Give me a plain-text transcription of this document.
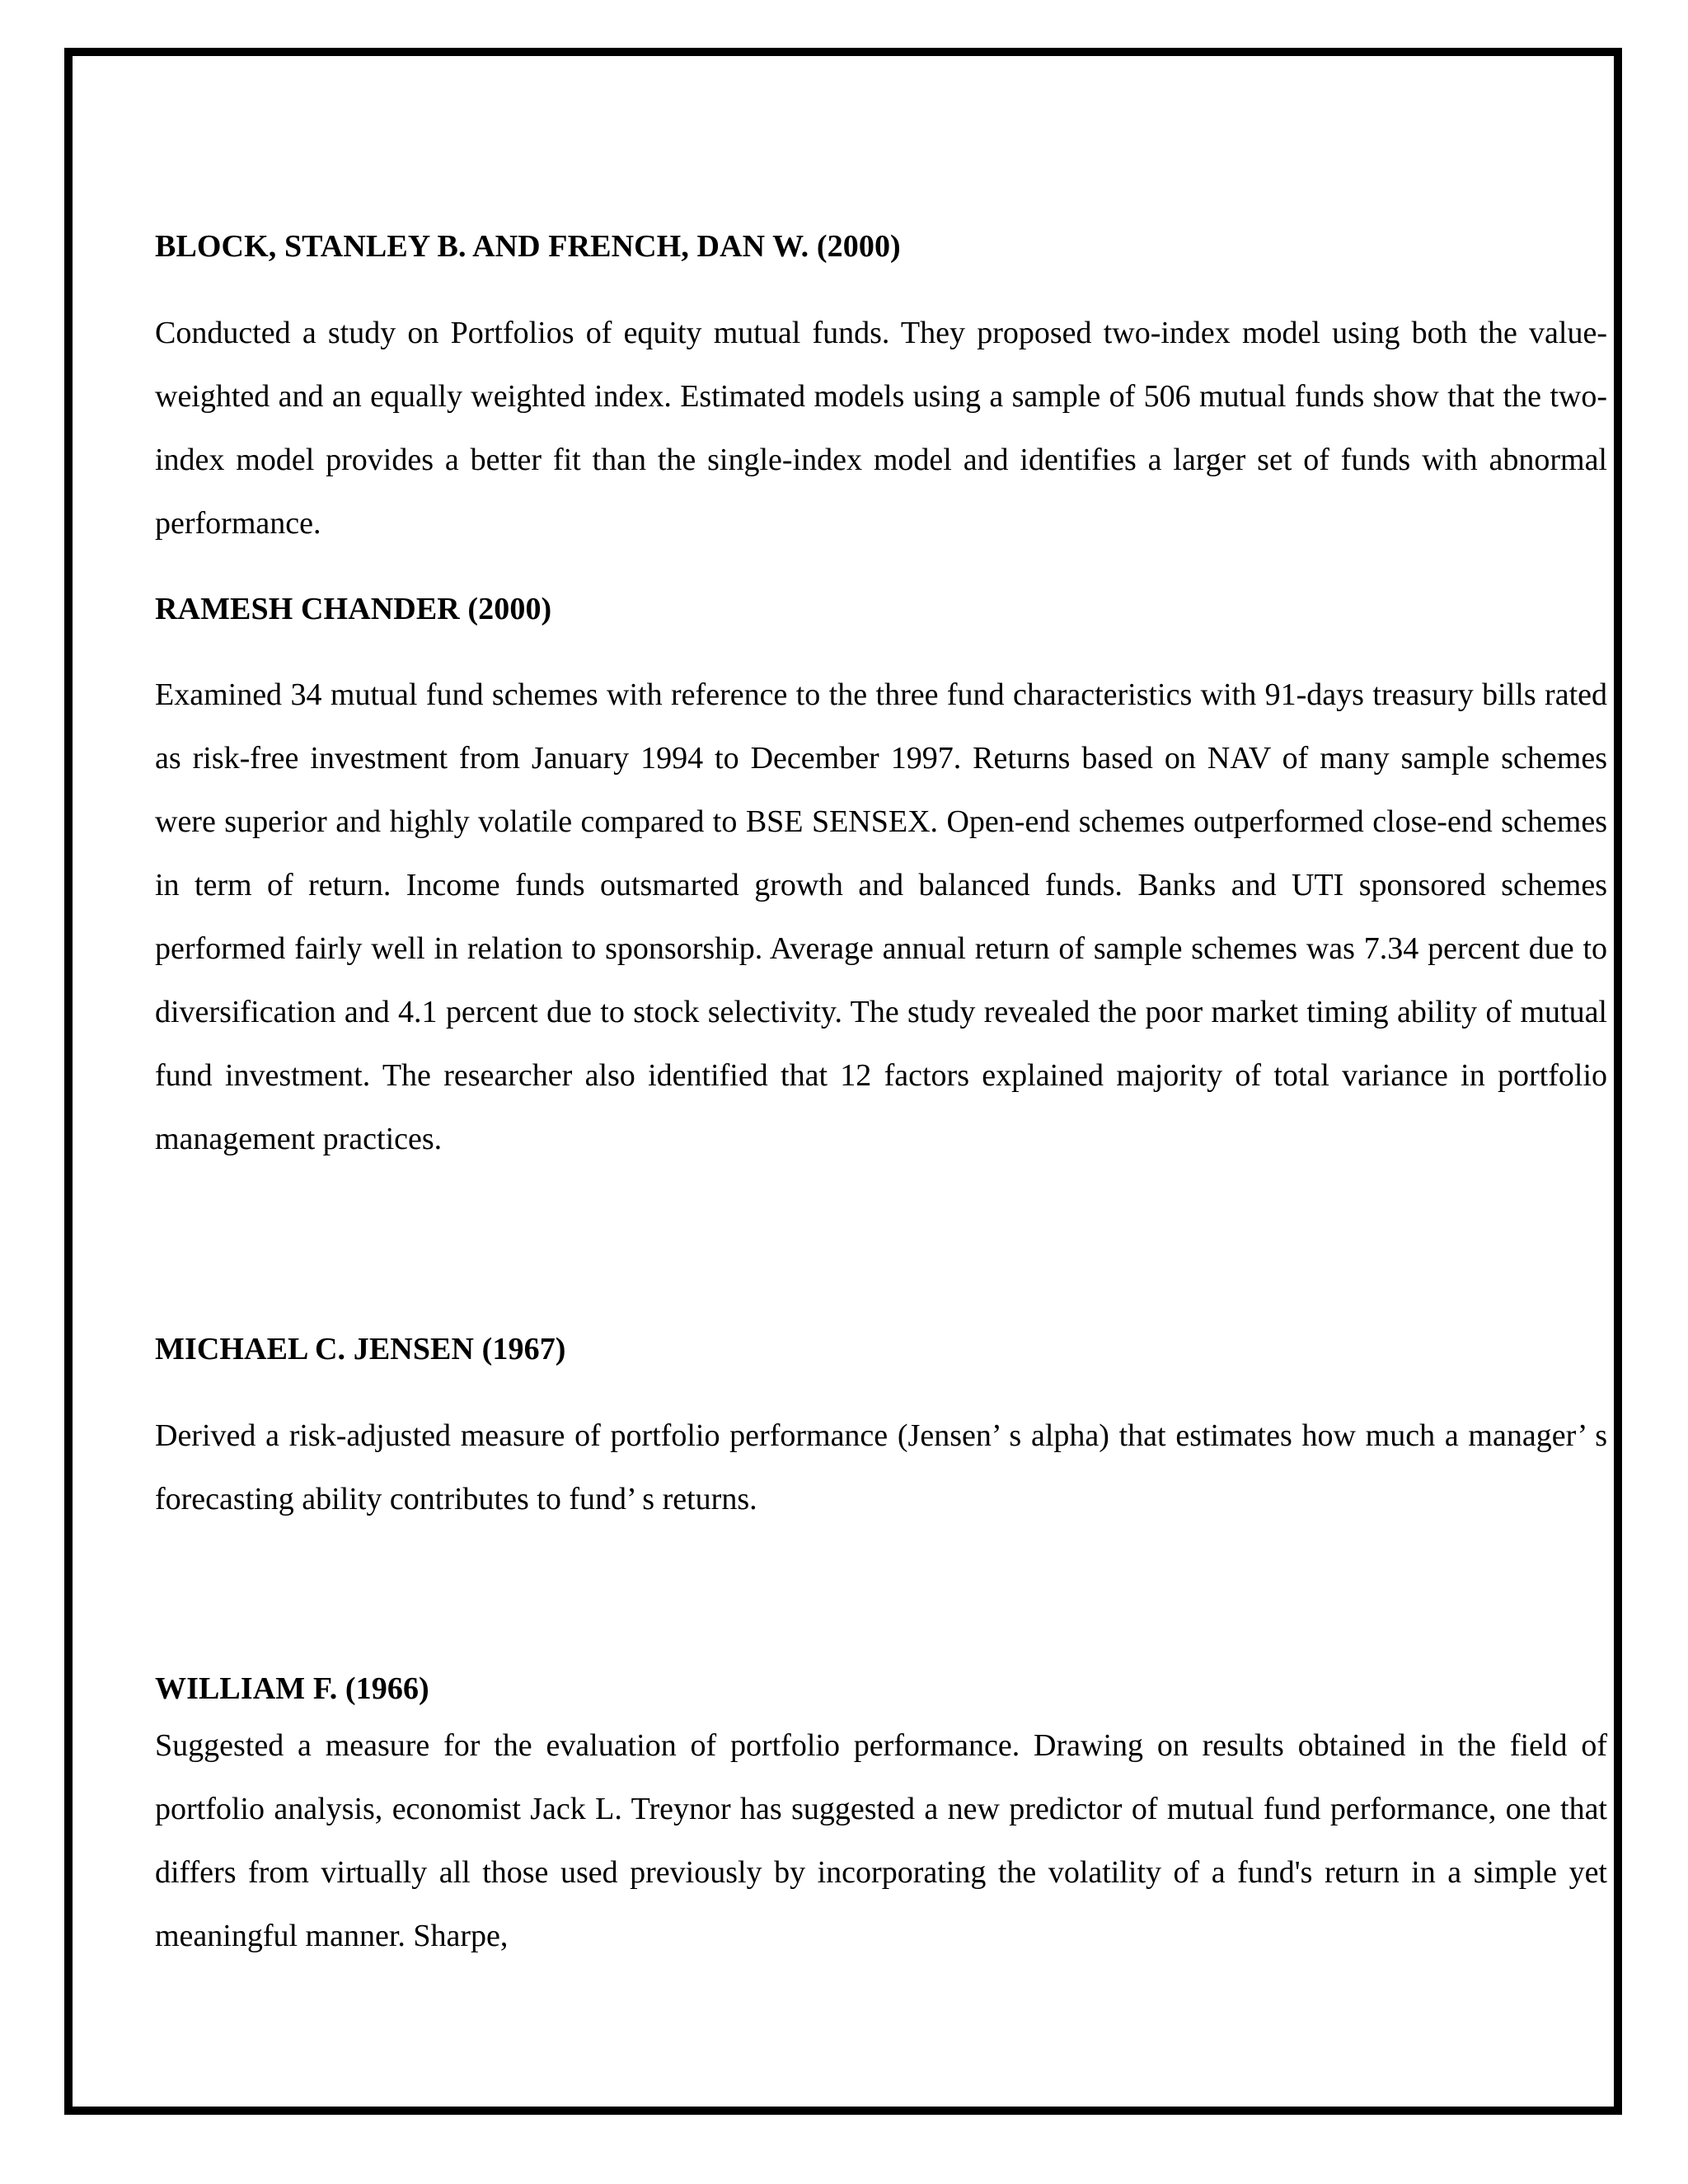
BLOCK, STANLEY B. AND FRENCH, DAN W. (2000)

Conducted a study on Portfolios of equity mutual funds. They proposed two-index model using both the value-weighted and an equally weighted index. Estimated models using a sample of 506 mutual funds show that the two-index model provides a better fit than the single-index model and identifies a larger set of funds with abnormal performance.

RAMESH CHANDER (2000)

Examined 34 mutual fund schemes with reference to the three fund characteristics with 91-days treasury bills rated as risk-free investment from January 1994 to December 1997. Returns based on NAV of many sample schemes were superior and highly volatile compared to BSE SENSEX. Open-end schemes outperformed close-end schemes in term of return. Income funds outsmarted growth and balanced funds. Banks and UTI sponsored schemes performed fairly well in relation to sponsorship. Average annual return of sample schemes was 7.34 percent due to diversification and 4.1 percent due to stock selectivity. The study revealed the poor market timing ability of mutual fund investment. The researcher also identified that 12 factors explained majority of total variance in portfolio management practices.

MICHAEL C. JENSEN (1967)

Derived a risk-adjusted measure of portfolio performance (Jensen’ s alpha) that estimates how much a manager’ s forecasting ability contributes to fund’ s returns.

WILLIAM F. (1966)

Suggested a measure for the evaluation of portfolio performance. Drawing on results obtained in the field of portfolio analysis, economist Jack L. Treynor has suggested a new predictor of mutual fund performance, one that differs from virtually all those used previously by incorporating the volatility of a fund's return in a simple yet meaningful manner. Sharpe,
